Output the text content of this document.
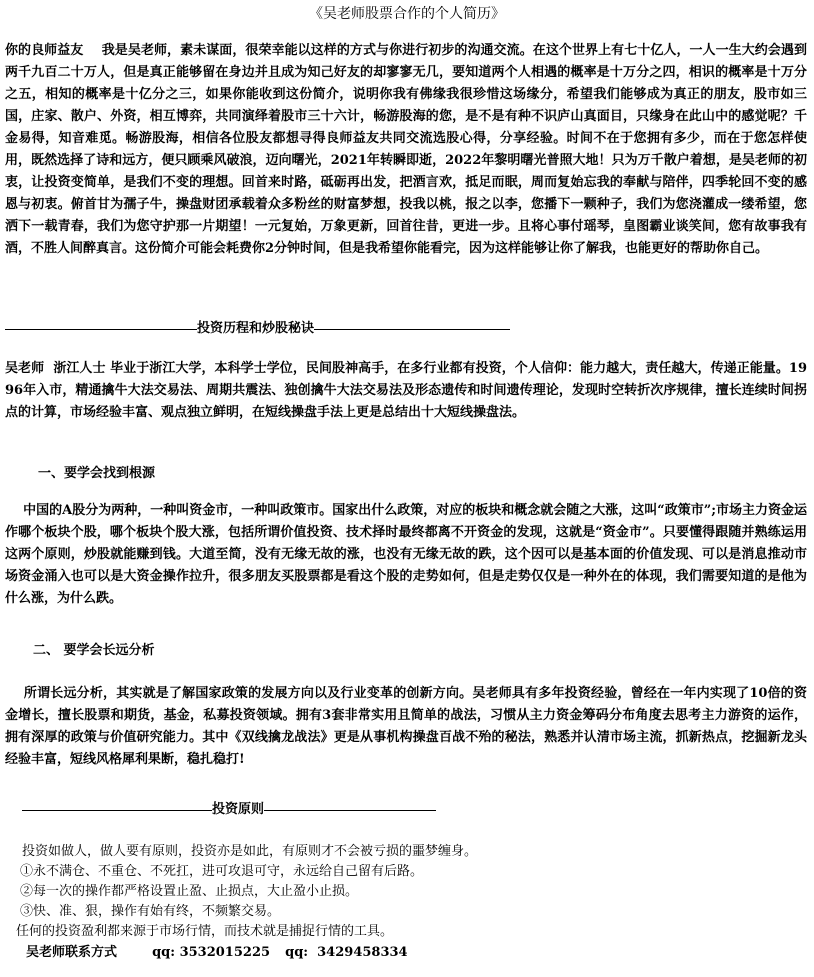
《吴老师股票合作的个人简历》

你的良师益友    我是吴老师，素未谋面，很荣幸能以这样的方式与你进行初步的沟通交流。在这个世界上有七十亿人，一人一生大约会遇到两千九百二十万人，但是真正能够留在身边并且成为知己好友的却寥寥无几，要知道两个人相遇的概率是十万分之四，相识的概率是十万分之五，相知的概率是十亿分之三，如果你能收到这份简介，说明你我有佛缘我很珍惜这场缘分，希望我们能够成为真正的朋友，股市如三国，庄家、散户、外资，相互博弈，共同演绎着股市三十六计，畅游股海的您，是不是有种不识庐山真面目，只缘身在此山中的感觉呢？千金易得，知音难觅。畅游股海，相信各位股友都想寻得良师益友共同交流选股心得，分享经验。时间不在于您拥有多少，而在于您怎样使用，既然选择了诗和远方，便只顾乘风破浪，迈向曙光，2021年转瞬即逝，2022年黎明曙光普照大地！只为万千散户着想，是吴老师的初衷，让投资变简单，是我们不变的理想。回首来时路，砥砺再出发，把酒言欢，抵足而眠，周而复始忘我的奉献与陪伴，四季轮回不变的感恩与初衷。俯首甘为孺子牛，操盘财团承载着众多粉丝的财富梦想，投我以桃，报之以李，您播下一颗种子，我们为您浇灌成一缕希望，您洒下一载青春，我们为您守护那一片期望！一元复始，万象更新，回首往昔，更进一步。且将心事付瑶琴，皇图霸业谈笑间，您有故事我有酒，不胜人间醉真言。这份简介可能会耗费你2分钟时间，但是我希望你能看完，因为这样能够让你了解我，也能更好的帮助你自己。

投资历程和炒股秘诀

吴老师  浙江人士 毕业于浙江大学，本科学士学位，民间股神高手，在多行业都有投资，个人信仰：能力越大，责任越大，传递正能量。1996年入市，精通擒牛大法交易法、周期共震法、独创擒牛大法交易法及形态遗传和时间遗传理论，发现时空转折次序规律，擅长连续时间拐点的计算，市场经验丰富、观点独立鲜明，在短线操盘手法上更是总结出十大短线操盘法。

一、要学会找到根源

中国的A股分为两种，一种叫资金市，一种叫政策市。国家出什么政策，对应的板块和概念就会随之大涨，这叫“政策市”;市场主力资金运作哪个板块个股，哪个板块个股大涨，包括所谓价值投资、技术择时最终都离不开资金的发现，这就是“资金市”。只要懂得跟随并熟练运用这两个原则，炒股就能赚到钱。大道至简，没有无缘无故的涨，也没有无缘无故的跌，这个因可以是基本面的价值发现、可以是消息推动市场资金涌入也可以是大资金操作拉升，很多朋友买股票都是看这个股的走势如何，但是走势仅仅是一种外在的体现，我们需要知道的是他为什么涨，为什么跌。

二、 要学会长远分析

所谓长远分析，其实就是了解国家政策的发展方向以及行业变革的创新方向。吴老师具有多年投资经验，曾经在一年内实现了10倍的资金增长，擅长股票和期货，基金，私募投资领域。拥有3套非常实用且简单的战法，习惯从主力资金筹码分布角度去思考主力游资的运作，拥有深厚的政策与价值研究能力。其中《双线擒龙战法》更是从事机构操盘百战不殆的秘法，熟悉并认清市场主流，抓新热点，挖掘新龙头经验丰富，短线风格犀利果断，稳扎稳打!

投资原则

投资如做人，做人要有原则，投资亦是如此，有原则才不会被亏损的噩梦缠身。

①永不满仓、不重仓、不死扛，进可攻退可守，永远给自己留有后路。

②每一次的操作都严格设置止盈、止损点，大止盈小止损。

③快、准、狠，操作有始有终，不频繁交易。

任何的投资盈利都来源于市场行情，而技术就是捕捉行情的工具。

吴老师联系方式	qq: 3532015225 qq:  3429458334
